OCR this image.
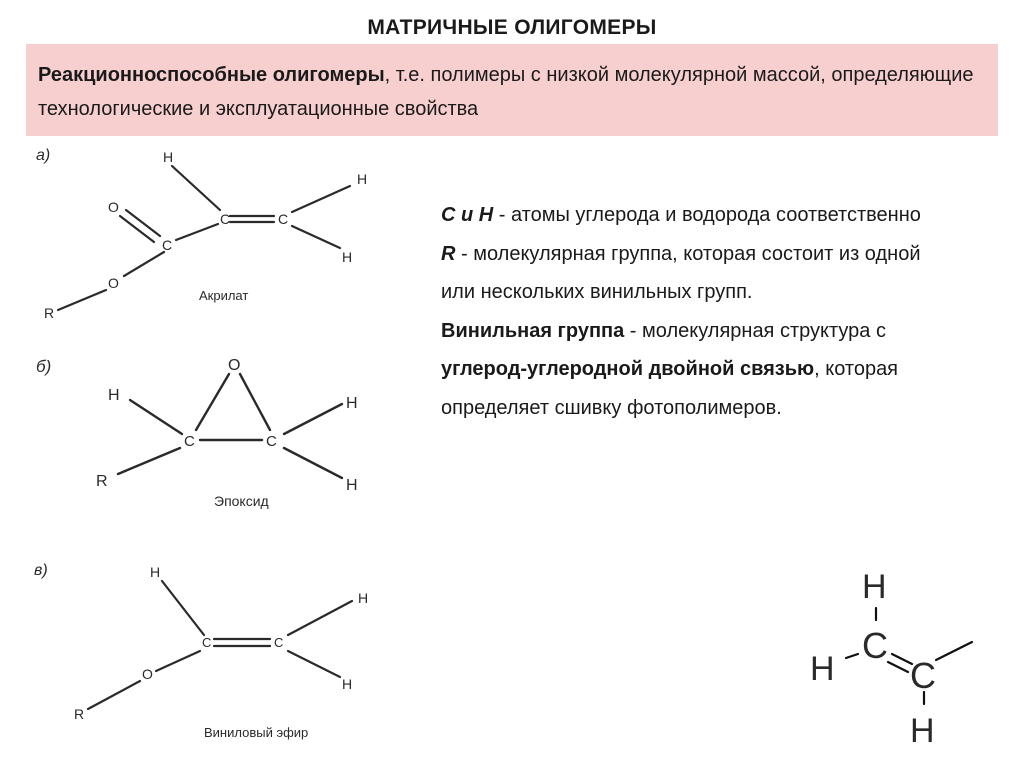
МАТРИЧНЫЕ ОЛИГОМЕРЫ
Реакционноспособные олигомеры, т.е. полимеры с низкой молекулярной массой, определяющие технологические и эксплуатационные свойства
а)	H
H
H
O
C	C
C
O
R
Акрилат
б)	O
H	H
C	C
R	H
Эпоксид
в)	H
H
C	C
O
H
R
Виниловый эфир

С и Н - атомы углерода и водорода соответственно

R - молекулярная группа, которая состоит из одной или нескольких винильных групп.

Винильная группа - молекулярная структура с углерод-углеродной двойной связью, которая определяет сшивку фотополимеров.

H
C
H C
H
